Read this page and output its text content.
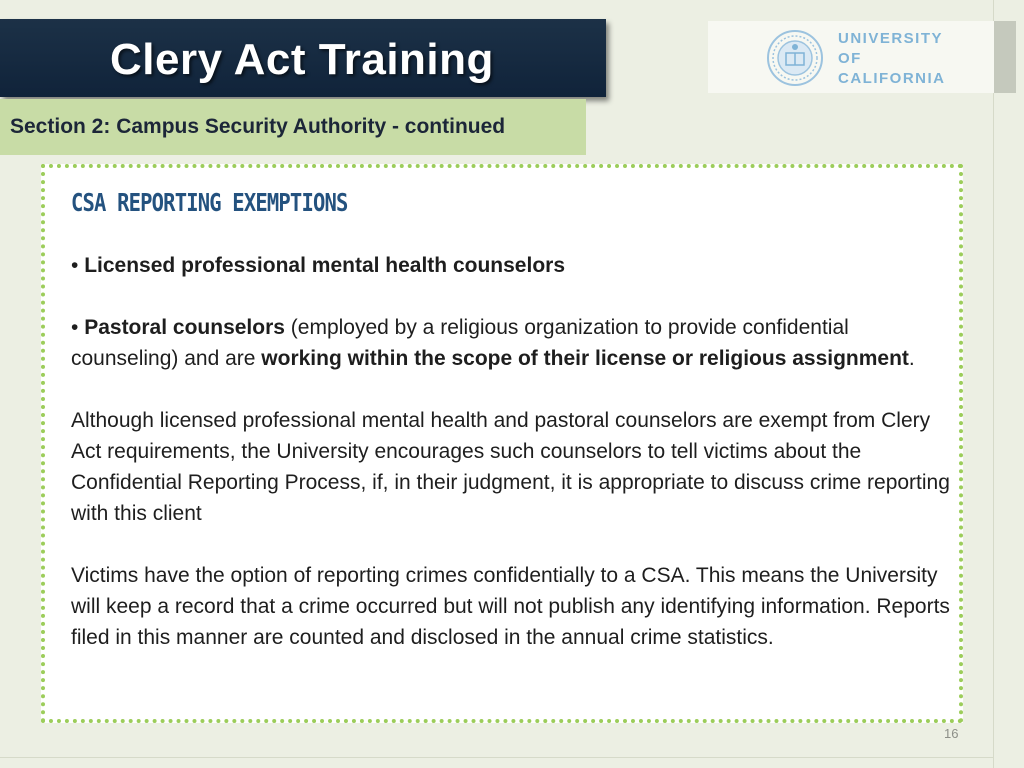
Clery Act Training	UNIVERSITY
OF
CALIFORNIA
Section 2: Campus Security Authority - continued
CSA REPORTING EXEMPTIONS

• Licensed professional mental health counselors

• Pastoral counselors (employed by a religious organization to provide confidential counseling) and are working within the scope of their license or religious assignment.

Although licensed professional mental health and pastoral counselors are exempt from Clery Act requirements, the University encourages such counselors to tell victims about the Confidential Reporting Process, if, in their judgment, it is appropriate to discuss crime reporting with this client

Victims have the option of reporting crimes confidentially to a CSA. This means the University will keep a record that a crime occurred but will not publish any identifying information. Reports filed in this manner are counted and disclosed in the annual crime statistics.

16
